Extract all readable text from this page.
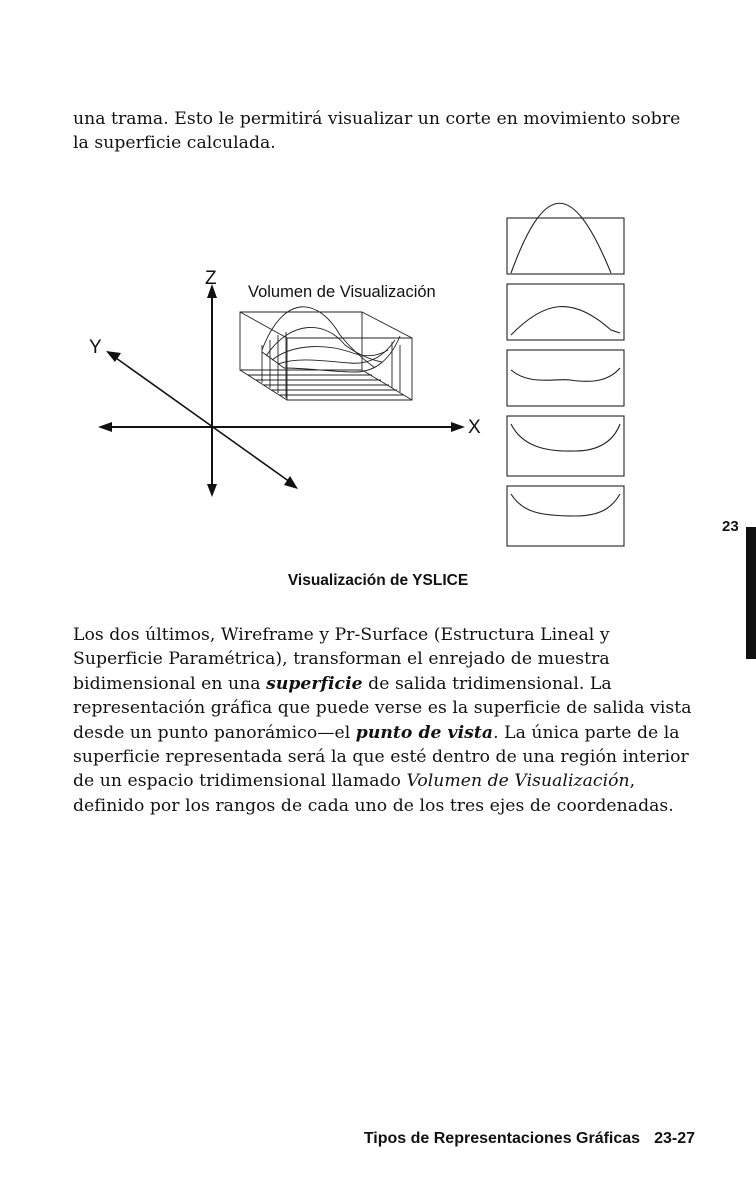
una trama. Esto le permitirá visualizar un corte en movimiento sobre la superficie calculada.

Z
Y
X
Volumen de Visualización
Visualización de YSLICE

Los dos últimos, Wireframe y Pr-Surface (Estructura Lineal y Superficie Paramétrica), transforman el enrejado de muestra bidimensional en una superficie de salida tridimensional. La representación gráfica que puede verse es la superficie de salida vista desde un punto panorámico—el punto de vista. La única parte de la superficie representada será la que esté dentro de una región interior de un espacio tridimensional llamado Volumen de Visualización, definido por los rangos de cada uno de los tres ejes de coordenadas.

23
Tipos de Representaciones Gráficas 23-27
